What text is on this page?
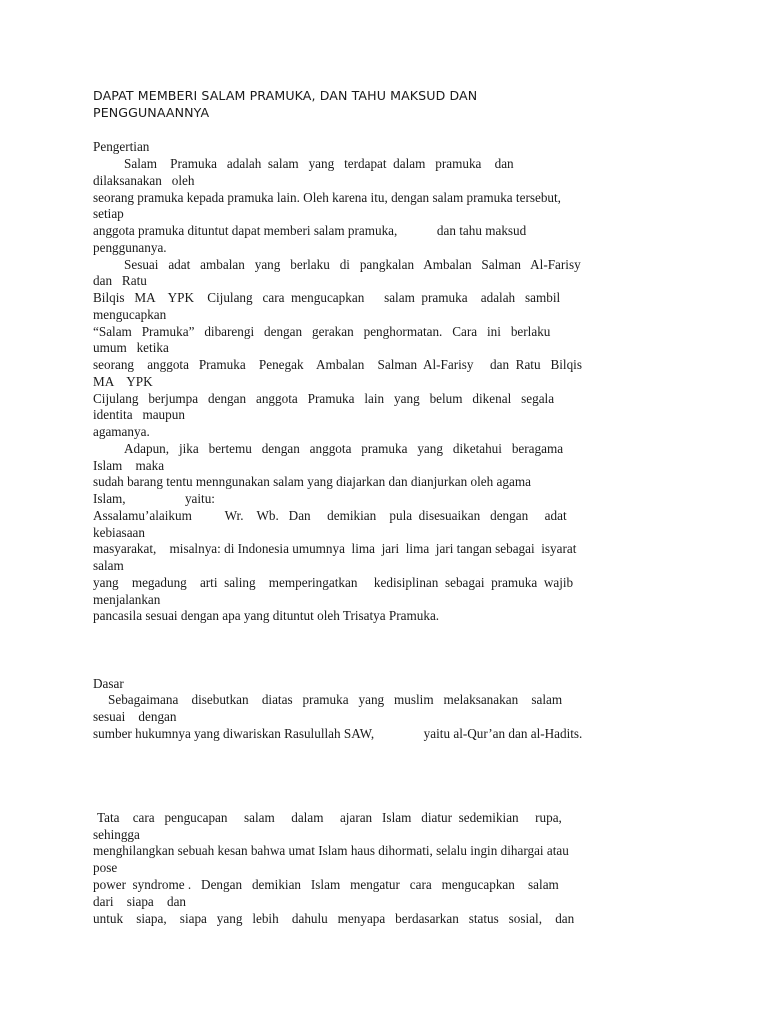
DAPAT MEMBERI SALAM PRAMUKA, DAN TAHU MAKSUD DAN
PENGGUNAANNYA
Pengertian
Salam    Pramuka   adalah  salam   yang   terdapat  dalam   pramuka    dan
dilaksanakan   oleh
seorang pramuka kepada pramuka lain. Oleh karena itu, dengan salam pramuka tersebut,
setiap
anggota pramuka dituntut dapat memberi salam pramuka,            dan tahu maksud
penggunanya.
Sesuai   adat   ambalan   yang   berlaku   di   pangkalan   Ambalan   Salman   Al-Farisy
dan   Ratu
Bilqis   MA    YPK    Cijulang   cara  mengucapkan      salam  pramuka    adalah   sambil
mengucapkan
“Salam   Pramuka”   dibarengi   dengan   gerakan   penghormatan.   Cara   ini   berlaku
umum   ketika
seorang    anggota   Pramuka    Penegak    Ambalan    Salman  Al-Farisy     dan  Ratu   Bilqis
MA    YPK
Cijulang   berjumpa   dengan   anggota   Pramuka   lain   yang   belum   dikenal   segala
identita   maupun
agamanya.
Adapun,   jika   bertemu   dengan   anggota   pramuka   yang   diketahui   beragama
Islam    maka
sudah barang tentu menngunakan salam yang diajarkan dan dianjurkan oleh agama
Islam,                  yaitu:
Assalamu’alaikum          Wr.    Wb.   Dan     demikian    pula  disesuaikan   dengan     adat
kebiasaan
masyarakat,    misalnya: di Indonesia umumnya  lima  jari  lima  jari tangan sebagai  isyarat
salam
yang    megadung    arti  saling    memperingatkan     kedisiplinan  sebagai  pramuka  wajib
menjalankan
pancasila sesuai dengan apa yang dituntut oleh Trisatya Pramuka.
Dasar
Sebagaimana    disebutkan    diatas   pramuka   yang   muslim   melaksanakan    salam
sesuai    dengan
sumber hukumnya yang diwariskan Rasulullah SAW,               yaitu al-Qur’an dan al-Hadits.
Tata    cara   pengucapan     salam     dalam     ajaran   Islam   diatur  sedemikian     rupa,
sehingga
menghilangkan sebuah kesan bahwa umat Islam haus dihormati, selalu ingin dihargai atau
pose
power  syndrome .   Dengan   demikian   Islam   mengatur   cara   mengucapkan    salam
dari    siapa    dan
untuk    siapa,    siapa   yang   lebih    dahulu   menyapa   berdasarkan   status   sosial,    dan
